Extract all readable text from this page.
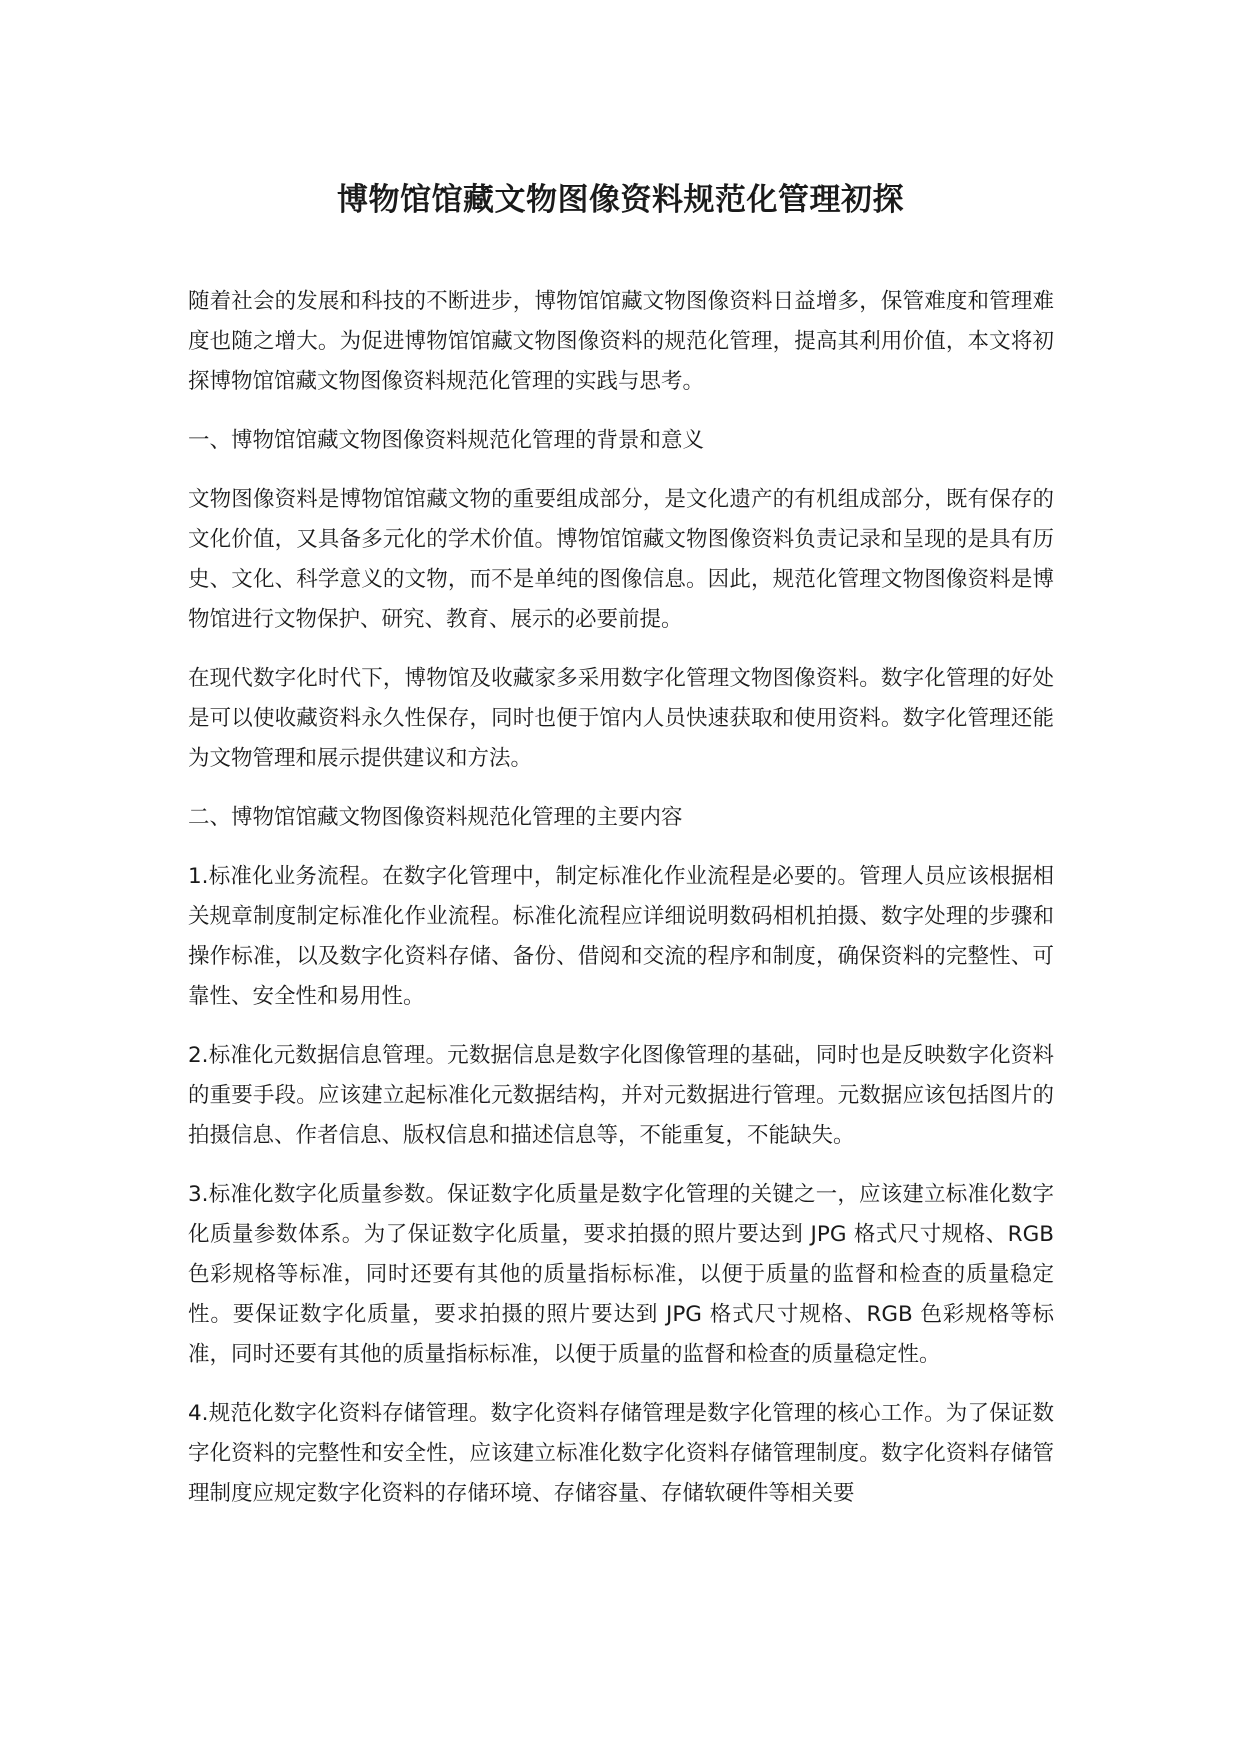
博物馆馆藏文物图像资料规范化管理初探

随着社会的发展和科技的不断进步，博物馆馆藏文物图像资料日益增多，保管难度和管理难度也随之增大。为促进博物馆馆藏文物图像资料的规范化管理，提高其利用价值，本文将初探博物馆馆藏文物图像资料规范化管理的实践与思考。

一、博物馆馆藏文物图像资料规范化管理的背景和意义

文物图像资料是博物馆馆藏文物的重要组成部分，是文化遗产的有机组成部分，既有保存的文化价值，又具备多元化的学术价值。博物馆馆藏文物图像资料负责记录和呈现的是具有历史、文化、科学意义的文物，而不是单纯的图像信息。因此，规范化管理文物图像资料是博物馆进行文物保护、研究、教育、展示的必要前提。

在现代数字化时代下，博物馆及收藏家多采用数字化管理文物图像资料。数字化管理的好处是可以使收藏资料永久性保存，同时也便于馆内人员快速获取和使用资料。数字化管理还能为文物管理和展示提供建议和方法。

二、博物馆馆藏文物图像资料规范化管理的主要内容

1.标准化业务流程。在数字化管理中，制定标准化作业流程是必要的。管理人员应该根据相关规章制度制定标准化作业流程。标准化流程应详细说明数码相机拍摄、数字处理的步骤和操作标准，以及数字化资料存储、备份、借阅和交流的程序和制度，确保资料的完整性、可靠性、安全性和易用性。

2.标准化元数据信息管理。元数据信息是数字化图像管理的基础，同时也是反映数字化资料的重要手段。应该建立起标准化元数据结构，并对元数据进行管理。元数据应该包括图片的拍摄信息、作者信息、版权信息和描述信息等，不能重复，不能缺失。

3.标准化数字化质量参数。保证数字化质量是数字化管理的关键之一，应该建立标准化数字化质量参数体系。为了保证数字化质量，要求拍摄的照片要达到 JPG 格式尺寸规格、RGB 色彩规格等标准，同时还要有其他的质量指标标准，以便于质量的监督和检查的质量稳定性。要保证数字化质量，要求拍摄的照片要达到 JPG 格式尺寸规格、RGB 色彩规格等标准，同时还要有其他的质量指标标准，以便于质量的监督和检查的质量稳定性。

4.规范化数字化资料存储管理。数字化资料存储管理是数字化管理的核心工作。为了保证数字化资料的完整性和安全性，应该建立标准化数字化资料存储管理制度。数字化资料存储管理制度应规定数字化资料的存储环境、存储容量、存储软硬件等相关要
